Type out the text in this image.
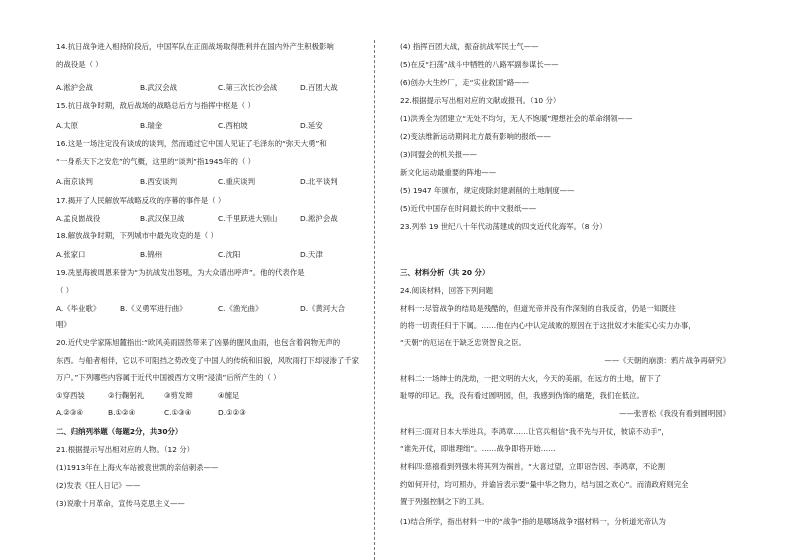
14.抗日战争进入相持阶段后，中国军队在正面战场取得胜利并在国内外产生积极影响
的战役是（ ）
A.淞沪会战	B.武汉会战	C.第三次长沙会战	D.百团大战
15.抗日战争时期，敌后战场的战略总后方与指挥中枢是（ ）
A.太原	B.瑞金	C.西柏坡	D.延安
16.这是一场注定没有谈成的谈判，然而通过它中国人见证了毛泽东的“弥天大勇”和
“一身系天下之安危”的气概，这里的“谈判”指1945年的（ ）
A.南京谈判	B.西安谈判	C.重庆谈判	D.北平谈判
17.揭开了人民解放军战略反攻的序幕的事件是（ ）
A.孟良崮战役	B.武汉保卫战	C.千里跃进大别山	D.淞沪会战
18.解放战争时期，下列城市中最先攻克的是（ ）
A.张家口	B.锦州	C.沈阳	D.天津
19.冼星海被周恩来誉为“为抗战发出怒吼，为大众谱出呼声”。他的代表作是
（ ）
A.《毕业歌》	B.《义勇军进行曲》	C.《渔光曲》	D.《黄河大合
唱》
20.近代史学家陈旭麓指出:“欧风美雨固然带来了凶暴的腥风血雨，也包含着润物无声的
东西。与船者相伴，它以不可阻挡之势改变了中国人的传统和旧貌，风吹雨打下却浸渗了千家
万户。”下列哪些内容属于近代中国被西方文明“浸渍”后所产生的（ ）
①穿西装	②行鞠躬礼	③剪发辫	④缠足
A.②③④	B.①②④	C.①③④	D.①②③
二、归纳列举题（每题2分，共30分）
21.根据提示写出相对应的人物。（12 分）
(1)1913年在上海火车站被袁世凯的亲信刺杀——
(2)发表《狂人日记》——
(3)说歌十月革命，宣传马克思主义——
(4) 指挥百团大战，振奋抗战军民士气——
(5)在反“扫荡”战斗中牺牲的八路军副参谋长——
(6)创办大生纱厂，走“实业救国”路——
22.根据提示写出相对应的文献或报刊。（10 分）
(1)洪秀全为团建立“无处不均匀，无人不饱暖”理想社会的革命纲领——
(2)变法维新运动期间北方最有影响的报纸——
(3)同盟会的机关报——
新文化运动最重要的阵地——
(5) 1947 年颁布，规定废除封建剥削的土地制度——
(5)近代中国存在时间最长的中文报纸——
23.列举 19 世纪八十年代动荡建成的四支近代化海军。（8 分）
三、材料分析（共 20 分）
24.阅读材料，回答下列问题
材料一:尽管战争的结局是残酷的，但道光帝并没有作深刻的自我反省，仍是一知既往
的将一切责任归于下属。……他在内心中认定战败的原因在于这批奴才未能实心实力办事，
“天朝”的厄运在于缺乏忠贤智良之臣。
——《天朝的崩溃：鸦片战争再研究》
材料二:一场绅士的洗劫，一把文明的大火，今天的美丽，在远方的土地，留下了
耻辱的印记。我，没有看过圆明园，但，我感到伪饰的痛楚，我们在低泣。
——张晋松《我没有看到圆明园》
材料三:面对日本大举进兵，李鸿章……让官兵相信“我不先与开仗，彼谅不动手”，
“谁先开仗，即谁理绌”。……战争即将开始……
材料四:慈禧看到列强未将其列为祸首，“大喜过望，立即诏告因、李鸿章，不论割
约如何开付，均可照办，并谕旨表示要“量中华之物力，结与国之欢心”。而清政府则完全
置于列强控制之下的工具。
(1)结合所学，指出材料一中的“战争”指的是哪场战争?据材料一，分析道光帝认为
